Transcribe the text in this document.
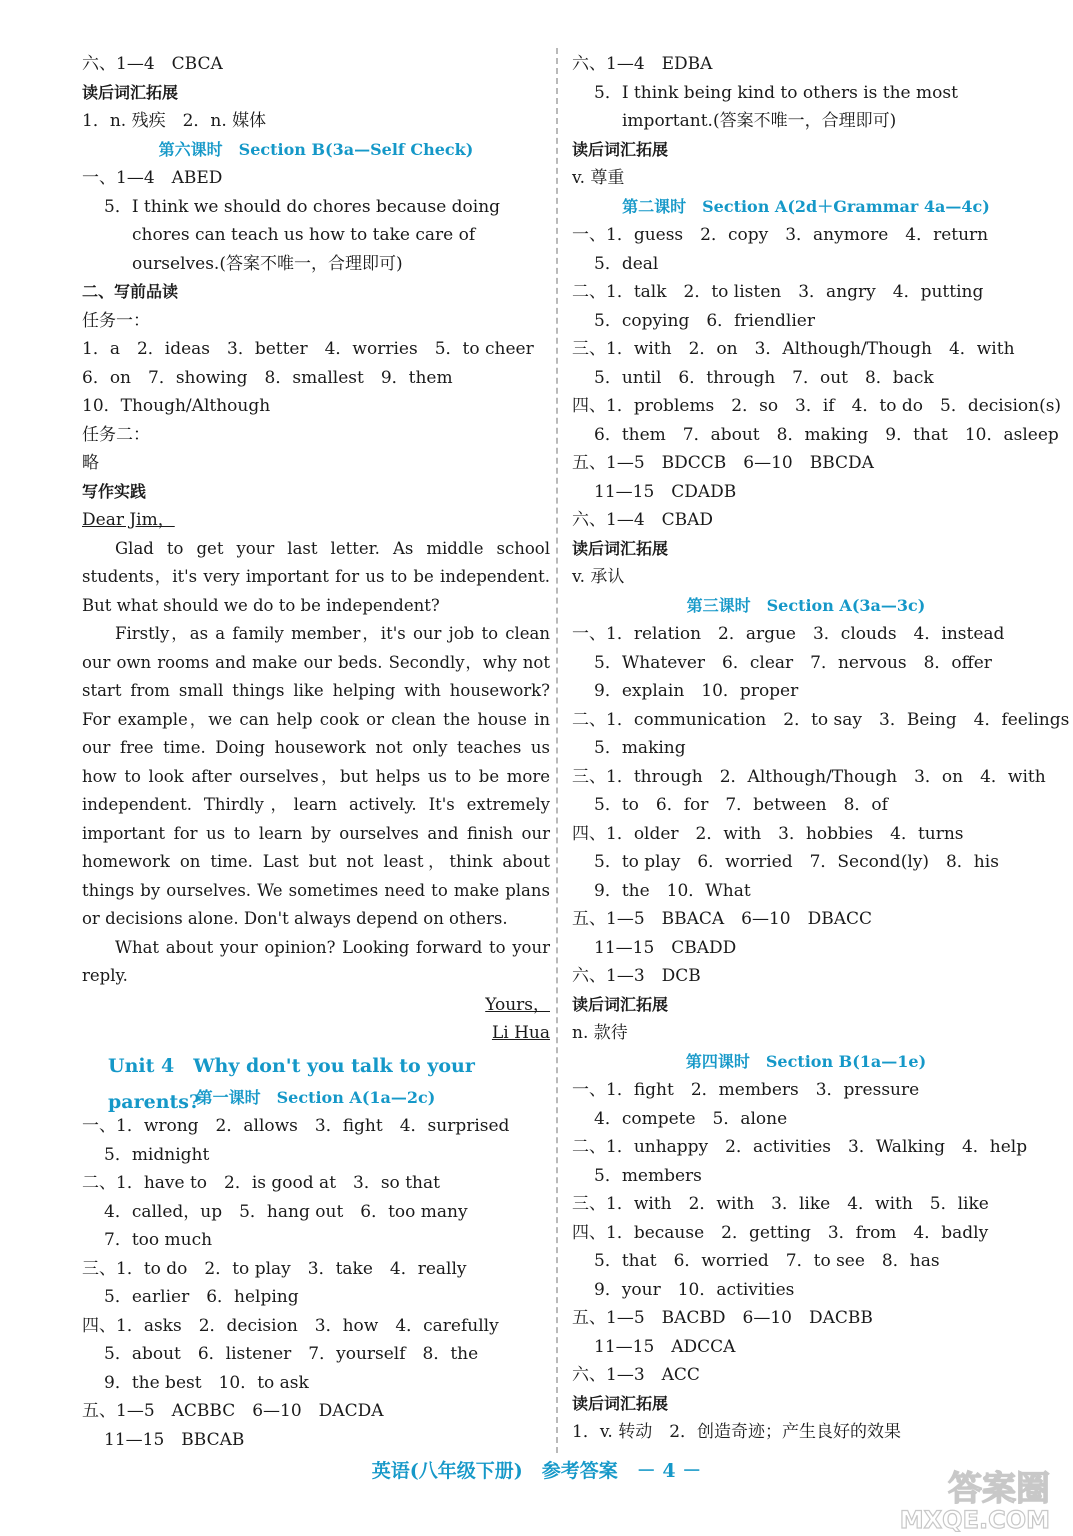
六、1—4　CBCA
读后词汇拓展
1．n. 残疾　2．n. 媒体
第六课时　Section B(3a—Self Check)
一、1—4　ABED
5．I think we should do chores because doing
chores can teach us how to take care of
ourselves.(答案不唯一，合理即可)
二、写前品读
任务一：
1．a　2．ideas　3．better　4．worries　5．to cheer
6．on　7．showing　8．smallest　9．them
10．Though/Although
任务二：
略
写作实践
Dear Jim，

Glad to get your last letter. As middle school students，it's very important for us to be independent. But what should we do to be independent?

Firstly，as a family member，it's our job to clean our own rooms and make our beds. Secondly，why not start from small things like helping with housework? For example，we can help cook or clean the house in our free time. Doing housework not only teaches us how to look after ourselves，but helps us to be more independent. Thirdly，learn actively. It's extremely important for us to learn by ourselves and finish our homework on time. Last but not least，think about things by ourselves. We sometimes need to make plans or decisions alone. Don't always depend on others.

What about your opinion? Looking forward to your reply.

Yours，
Li Hua
Unit 4　Why don't you talk to your parents?
第一课时　Section A(1a—2c)
一、1．wrong　2．allows　3．fight　4．surprised
5．midnight
二、1．have to　2．is good at　3．so that
4．called，up　5．hang out　6．too many
7．too much
三、1．to do　2．to play　3．take　4．really
5．earlier　6．helping
四、1．asks　2．decision　3．how　4．carefully
5．about　6．listener　7．yourself　8．the
9．the best　10．to ask
五、1—5　ACBBC　6—10　DACDA
11—15　BBCAB
六、1—4　EDBA
5．I think being kind to others is the most
important.(答案不唯一，合理即可)
读后词汇拓展
v. 尊重
第二课时　Section A(2d＋Grammar 4a—4c)
一、1．guess　2．copy　3．anymore　4．return
5．deal
二、1．talk　2．to listen　3．angry　4．putting
5．copying　6．friendlier
三、1．with　2．on　3．Although/Though　4．with
5．until　6．through　7．out　8．back
四、1．problems　2．so　3．if　4．to do　5．decision(s)
6．them　7．about　8．making　9．that　10．asleep
五、1—5　BDCCB　6—10　BBCDA
11—15　CDADB
六、1—4　CBAD
读后词汇拓展
v. 承认
第三课时　Section A(3a—3c)
一、1．relation　2．argue　3．clouds　4．instead
5．Whatever　6．clear　7．nervous　8．offer
9．explain　10．proper
二、1．communication　2．to say　3．Being　4．feelings
5．making
三、1．through　2．Although/Though　3．on　4．with
5．to　6．for　7．between　8．of
四、1．older　2．with　3．hobbies　4．turns
5．to play　6．worried　7．Second(ly)　8．his
9．the　10．What
五、1—5　BBACA　6—10　DBACC
11—15　CBADD
六、1—3　DCB
读后词汇拓展
n. 款待
第四课时　Section B(1a—1e)
一、1．fight　2．members　3．pressure
4．compete　5．alone
二、1．unhappy　2．activities　3．Walking　4．help
5．members
三、1．with　2．with　3．like　4．with　5．like
四、1．because　2．getting　3．from　4．badly
5．that　6．worried　7．to see　8．has
9．your　10．activities
五、1—5　BACBD　6—10　DACBB
11—15　ADCCA
六、1—3　ACC
读后词汇拓展
1．v. 转动　2．创造奇迹；产生良好的效果
英语(八年级下册)　参考答案　－ 4 －	答案圈
MXQE.COM
